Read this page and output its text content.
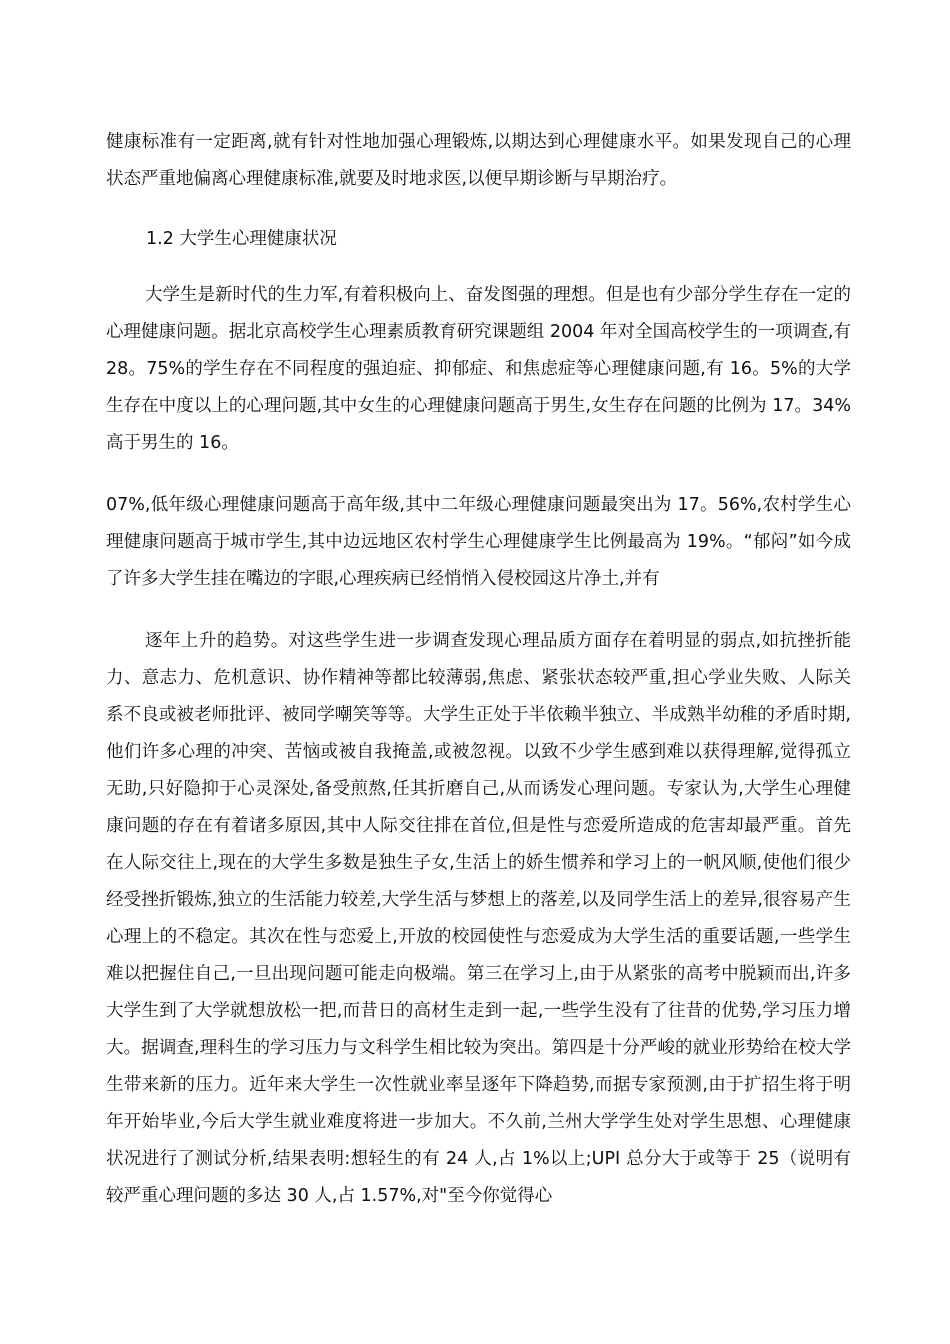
健康标准有一定距离,就有针对性地加强心理锻炼,以期达到心理健康水平。如果发现自己的心理状态严重地偏离心理健康标准,就要及时地求医,以便早期诊断与早期治疗。

1.2 大学生心理健康状况

大学生是新时代的生力军,有着积极向上、奋发图强的理想。但是也有少部分学生存在一定的心理健康问题。据北京高校学生心理素质教育研究课题组 2004 年对全国高校学生的一项调查,有 28。75%的学生存在不同程度的强迫症、抑郁症、和焦虑症等心理健康问题,有 16。5%的大学生存在中度以上的心理问题,其中女生的心理健康问题高于男生,女生存在问题的比例为 17。34%高于男生的 16。

07%,低年级心理健康问题高于高年级,其中二年级心理健康问题最突出为 17。56%,农村学生心理健康问题高于城市学生,其中边远地区农村学生心理健康学生比例最高为 19%。“郁闷”如今成了许多大学生挂在嘴边的字眼,心理疾病已经悄悄入侵校园这片净土,并有

逐年上升的趋势。对这些学生进一步调查发现心理品质方面存在着明显的弱点,如抗挫折能力、意志力、危机意识、协作精神等都比较薄弱,焦虑、紧张状态较严重,担心学业失败、人际关系不良或被老师批评、被同学嘲笑等等。大学生正处于半依赖半独立、半成熟半幼稚的矛盾时期,他们许多心理的冲突、苦恼或被自我掩盖,或被忽视。以致不少学生感到难以获得理解,觉得孤立无助,只好隐抑于心灵深处,备受煎熬,任其折磨自己,从而诱发心理问题。专家认为,大学生心理健康问题的存在有着诸多原因,其中人际交往排在首位,但是性与恋爱所造成的危害却最严重。首先在人际交往上,现在的大学生多数是独生子女,生活上的娇生惯养和学习上的一帆风顺,使他们很少经受挫折锻炼,独立的生活能力较差,大学生活与梦想上的落差,以及同学生活上的差异,很容易产生心理上的不稳定。其次在性与恋爱上,开放的校园使性与恋爱成为大学生活的重要话题,一些学生难以把握住自己,一旦出现问题可能走向极端。第三在学习上,由于从紧张的高考中脱颖而出,许多大学生到了大学就想放松一把,而昔日的高材生走到一起,一些学生没有了往昔的优势,学习压力增大。据调查,理科生的学习压力与文科学生相比较为突出。第四是十分严峻的就业形势给在校大学生带来新的压力。近年来大学生一次性就业率呈逐年下降趋势,而据专家预测,由于扩招生将于明年开始毕业,今后大学生就业难度将进一步加大。不久前,兰州大学学生处对学生思想、心理健康状况进行了测试分析,结果表明:想轻生的有 24 人,占 1%以上;UPI 总分大于或等于 25（说明有较严重心理问题的多达 30 人,占 1.57%,对"至今你觉得心
